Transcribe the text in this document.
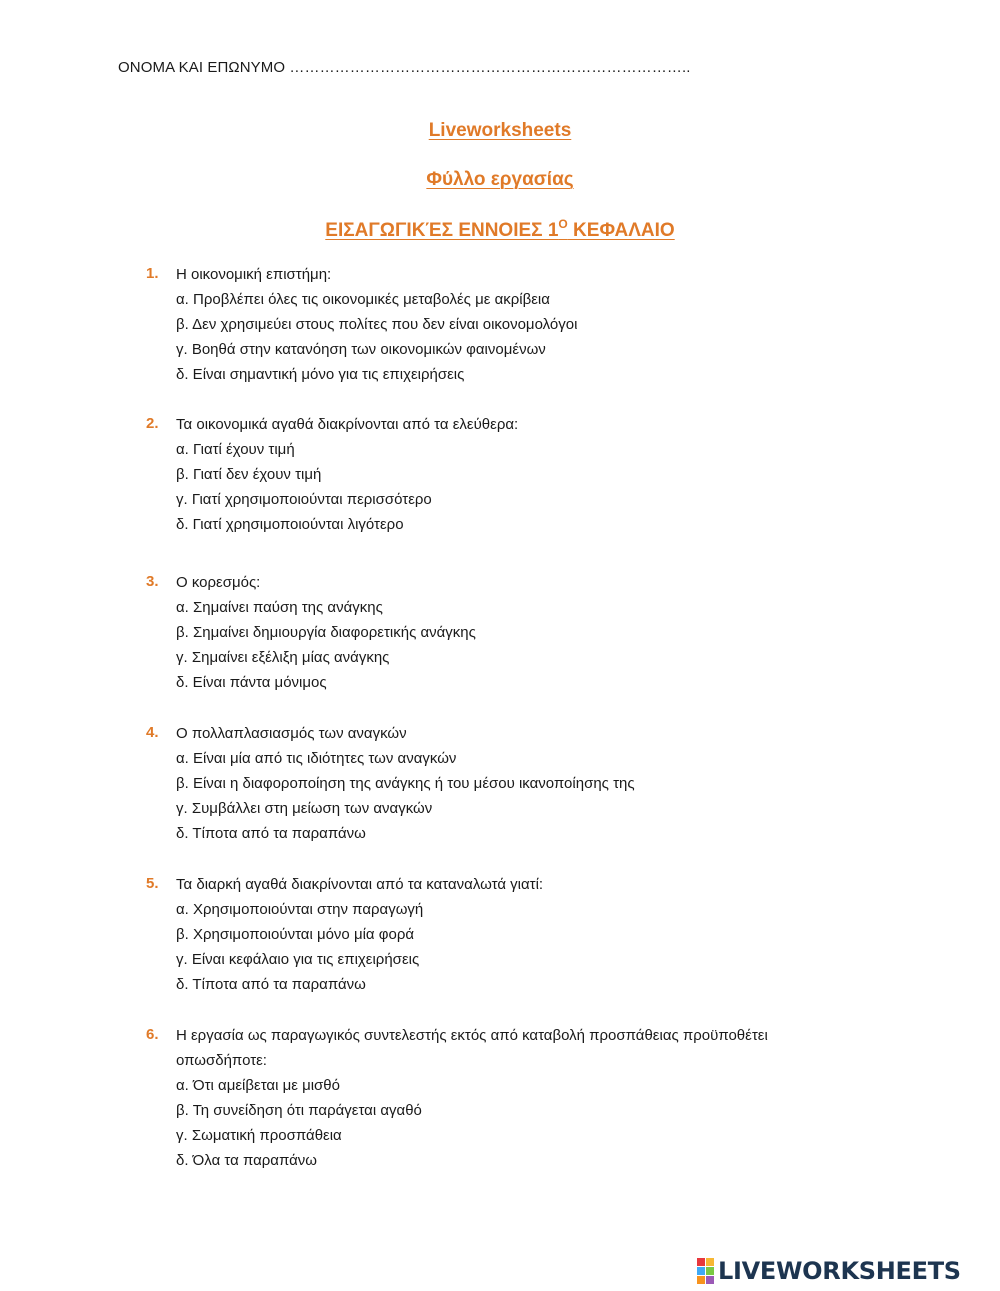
ΟΝΟΜΑ ΚΑΙ ΕΠΩΝΥΜΟ ……………………………………………………………………..
Liveworksheets
Φύλλο εργασίας
ΕΙΣΑΓΩΓΙΚΈΣ ΕΝΝΟΙΕΣ $1^O$ ΚΕΦΑΛΑΙΟ
1. Η οικονομική επιστήμη:
α. Προβλέπει όλες τις οικονομικές μεταβολές με ακρίβεια
β. Δεν χρησιμεύει στους πολίτες που δεν είναι οικονομολόγοι
γ. Βοηθά στην κατανόηση των οικονομικών φαινομένων
δ. Είναι σημαντική μόνο για τις επιχειρήσεις
2. Τα οικονομικά αγαθά διακρίνονται από τα ελεύθερα:
α. Γιατί έχουν τιμή
β. Γιατί δεν έχουν τιμή
γ. Γιατί χρησιμοποιούνται περισσότερο
δ. Γιατί χρησιμοποιούνται λιγότερο
3. Ο κορεσμός:
α. Σημαίνει παύση της ανάγκης
β. Σημαίνει δημιουργία διαφορετικής ανάγκης
γ. Σημαίνει εξέλιξη μίας ανάγκης
δ. Είναι πάντα μόνιμος
4. Ο πολλαπλασιασμός των αναγκών
α. Είναι μία από τις ιδιότητες των αναγκών
β. Είναι η διαφοροποίηση της ανάγκης ή του μέσου ικανοποίησης της
γ. Συμβάλλει στη μείωση των αναγκών
δ. Τίποτα από τα παραπάνω
5. Τα διαρκή αγαθά διακρίνονται από τα καταναλωτά γιατί:
α. Χρησιμοποιούνται στην παραγωγή
β. Χρησιμοποιούνται μόνο μία φορά
γ. Είναι κεφάλαιο για τις επιχειρήσεις
δ. Τίποτα από τα παραπάνω
6. Η εργασία ως παραγωγικός συντελεστής εκτός από καταβολή προσπάθειας προϋποθέτει οπωσδήποτε:
α. Ότι αμείβεται με μισθό
β. Τη συνείδηση ότι παράγεται αγαθό
γ. Σωματική προσπάθεια
δ. Όλα τα παραπάνω
LIVEWORKSHEETS
